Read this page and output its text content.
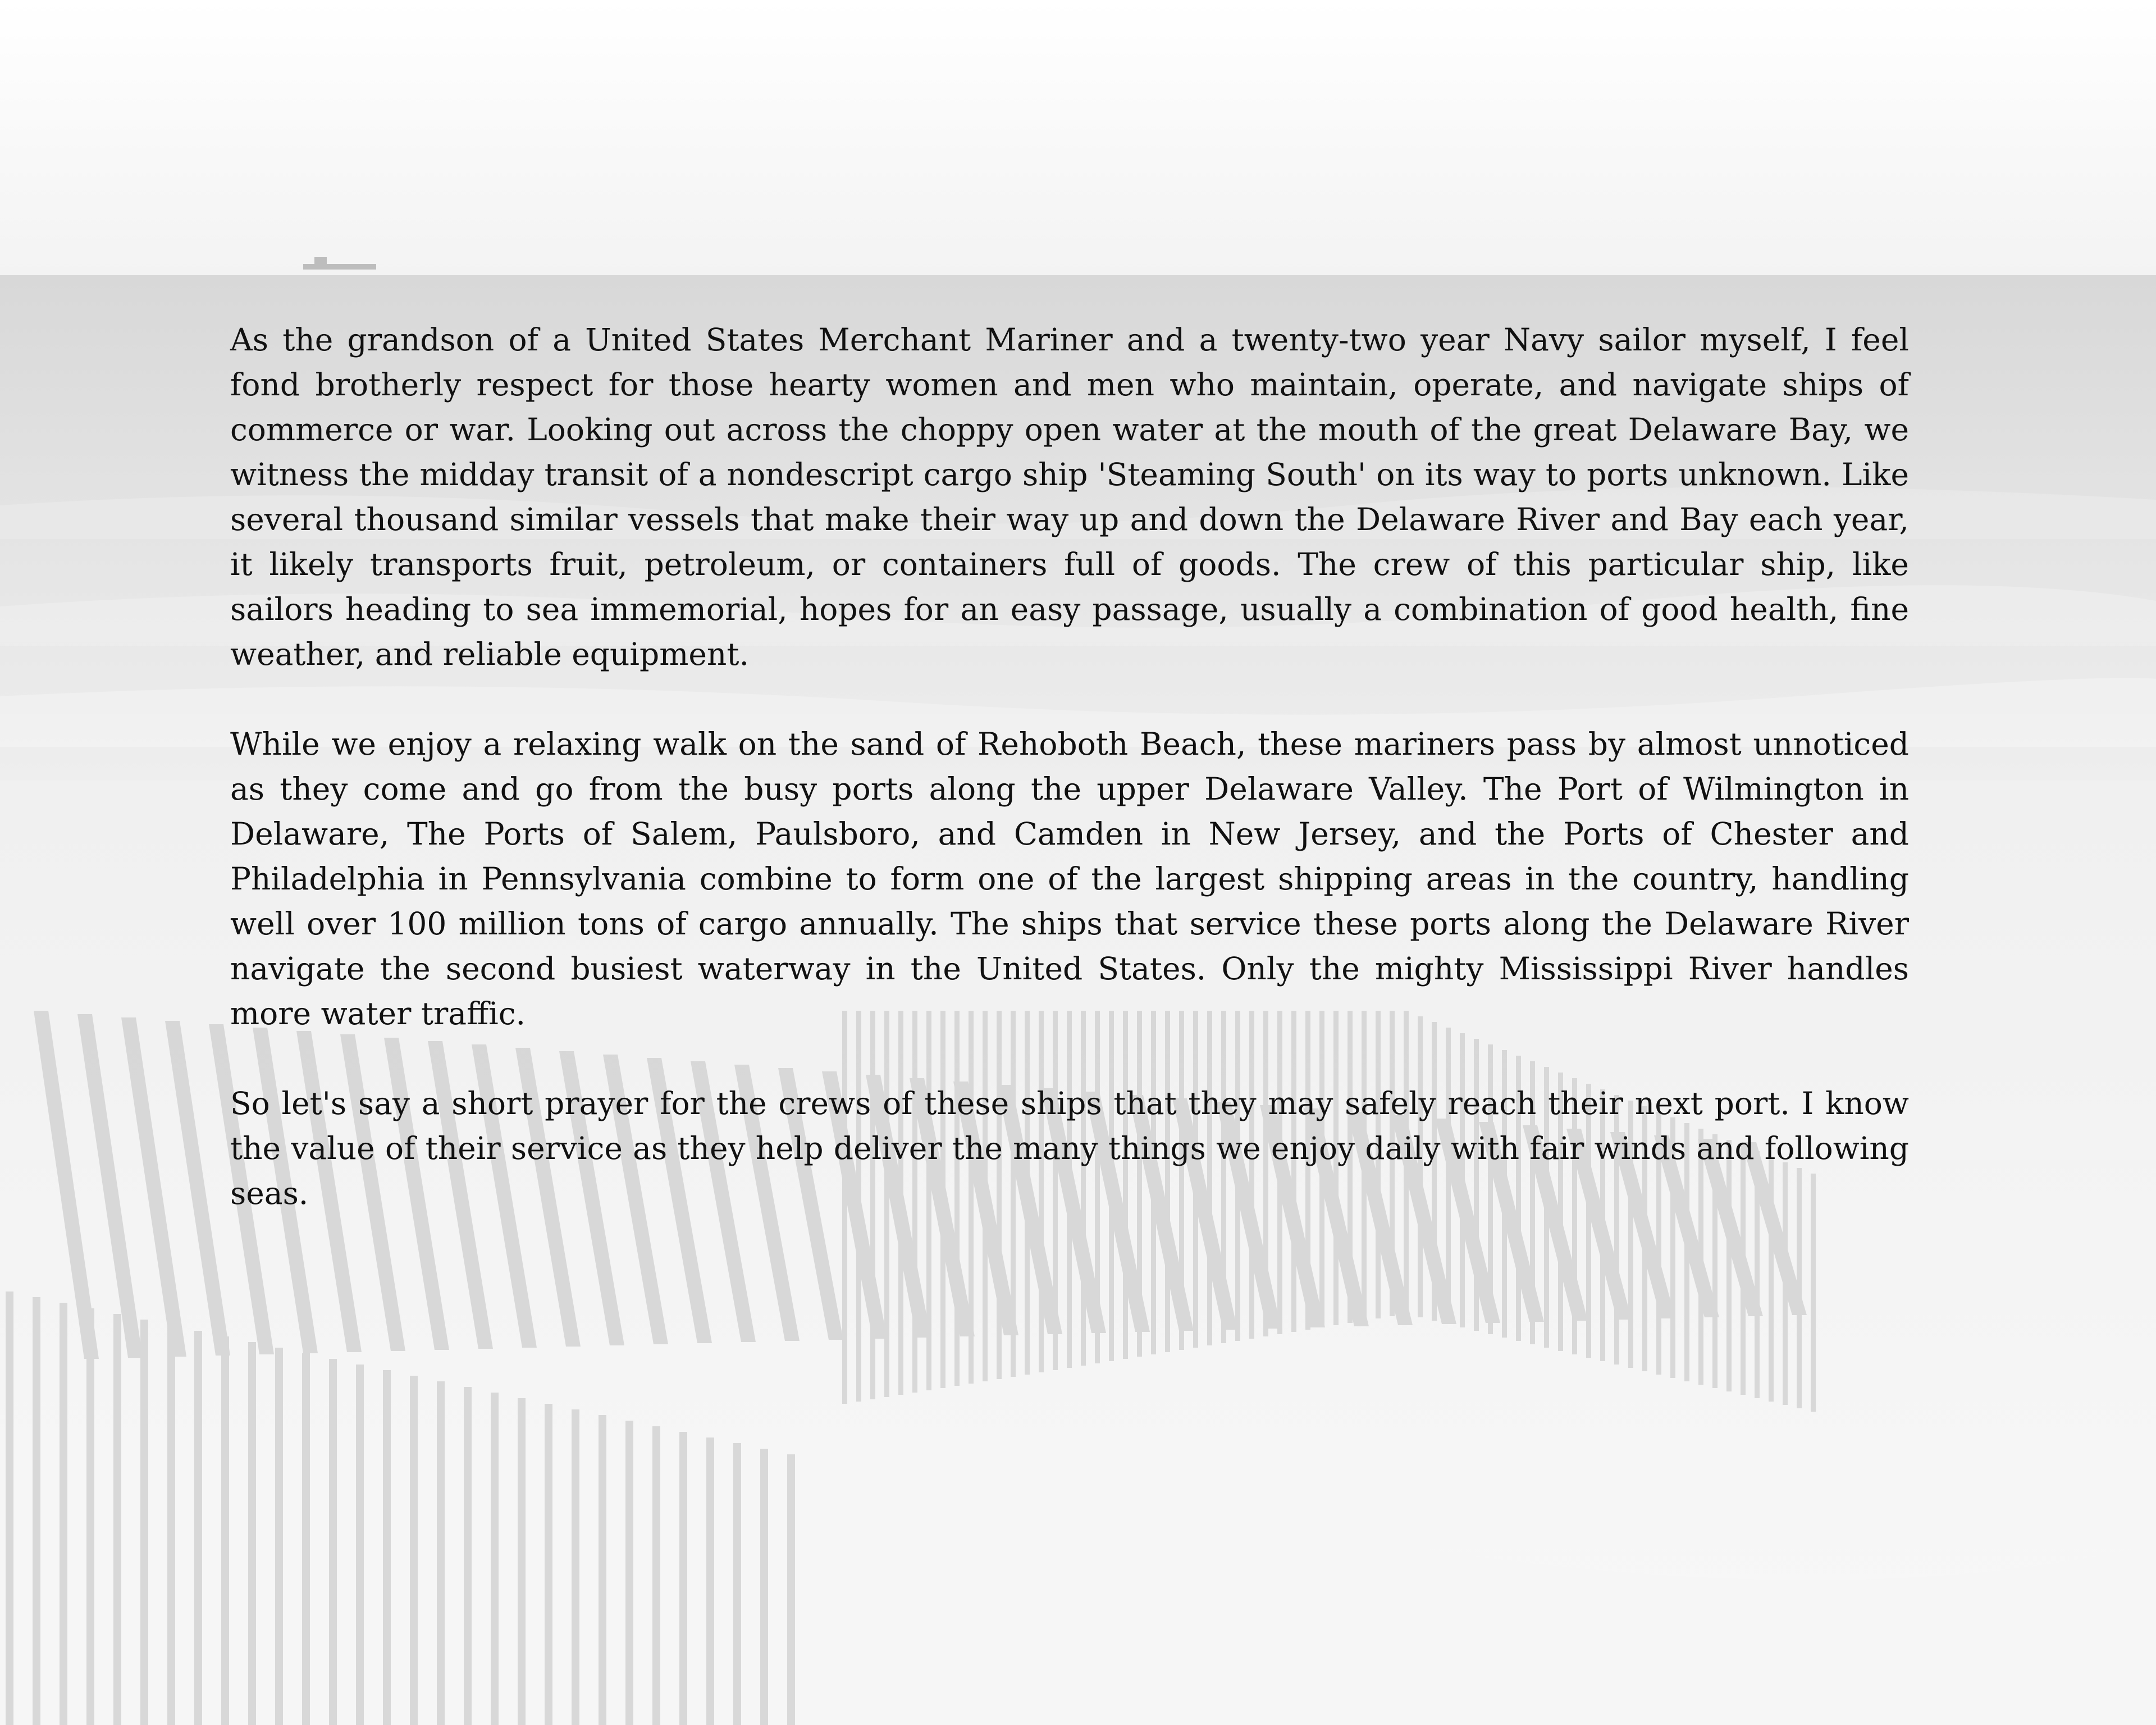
As the grandson of a United States Merchant Mariner and a twenty-two year Navy sailor myself, I feel fond brotherly respect for those hearty women and men who maintain, operate, and navigate ships of commerce or war. Looking out across the choppy open water at the mouth of the great Delaware Bay, we witness the midday transit of a nondescript cargo ship 'Steaming South' on its way to ports unknown. Like several thousand similar vessels that make their way up and down the Delaware River and Bay each year, it likely transports fruit, petroleum, or containers full of goods. The crew of this particular ship, like sailors heading to sea immemorial, hopes for an easy passage, usually a combination of good health, fine weather, and reliable equipment.

While we enjoy a relaxing walk on the sand of Rehoboth Beach, these mariners pass by almost unnoticed as they come and go from the busy ports along the upper Delaware Valley. The Port of Wilmington in Delaware, The Ports of Salem, Paulsboro, and Camden in New Jersey, and the Ports of Chester and Philadelphia in Pennsylvania combine to form one of the largest shipping areas in the country, handling well over 100 million tons of cargo annually. The ships that service these ports along the Delaware River navigate the second busiest waterway in the United States. Only the mighty Mississippi River handles more water traffic.

So let's say a short prayer for the crews of these ships that they may safely reach their next port. I know the value of their service as they help deliver the many things we enjoy daily with fair winds and following seas.
